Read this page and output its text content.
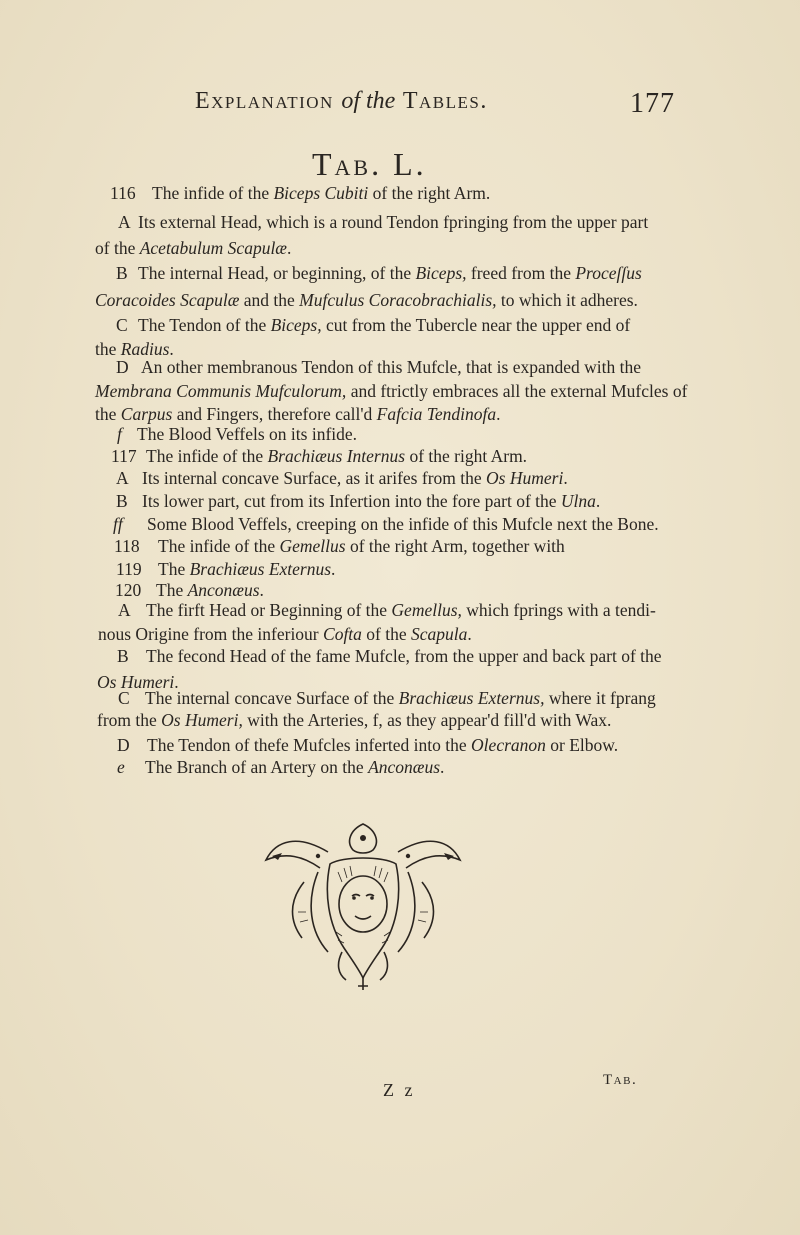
Explanation of the Tables.	177
Tab. L.
116 The infide of the Biceps Cubiti of the right Arm.
A Its external Head, which is a round Tendon fpringing from the upper part
of the Acetabulum Scapulæ.
B The internal Head, or beginning, of the Biceps, freed from the Proceſſus
Coracoides Scapulæ and the Mufculus Coracobrachialis, to which it adheres.
C The Tendon of the Biceps, cut from the Tubercle near the upper end of
the Radius.
D An other membranous Tendon of this Mufcle, that is expanded with the
Membrana Communis Mufculorum, and ftrictly embraces all the external Mufcles of
the Carpus and Fingers, therefore call'd Fafcia Tendinofa.
f The Blood Veffels on its infide.
117 The infide of the Brachiæus Internus of the right Arm.
A Its internal concave Surface, as it arifes from the Os Humeri.
B Its lower part, cut from its Infertion into the fore part of the Ulna.
ff Some Blood Veffels, creeping on the infide of this Mufcle next the Bone.
118 The infide of the Gemellus of the right Arm, together with
119 The Brachiæus Externus.
120 The Anconæus.
A The firft Head or Beginning of the Gemellus, which fprings with a tendi-
nous Origine from the inferiour Cofta of the Scapula.
B The fecond Head of the fame Mufcle, from the upper and back part of the
Os Humeri.
C The internal concave Surface of the Brachiæus Externus, where it fprang
from the Os Humeri, with the Arteries, f, as they appear'd fill'd with Wax.
D The Tendon of thefe Mufcles inferted into the Olecranon or Elbow.
e The Branch of an Artery on the Anconæus.
Z z	Tab.
